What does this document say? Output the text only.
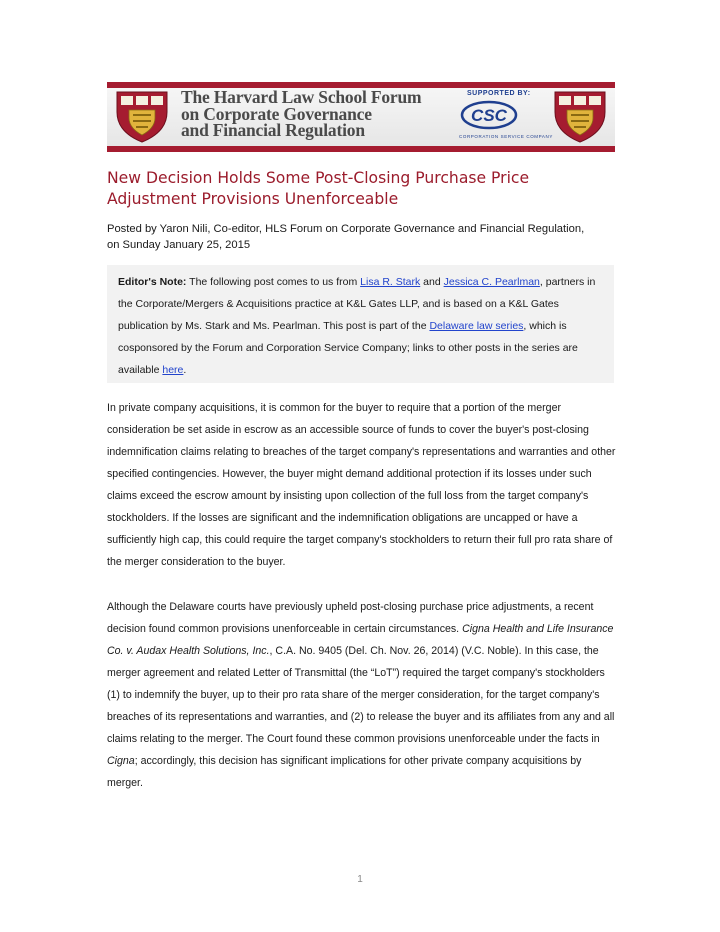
The Harvard Law School Forum
on Corporate Governance
and Financial Regulation
SUPPORTED BY:
CSC
CORPORATION SERVICE COMPANY
New Decision Holds Some Post-Closing Purchase Price Adjustment Provisions Unenforceable
Posted by Yaron Nili, Co-editor, HLS Forum on Corporate Governance and Financial Regulation,
on Sunday January 25, 2015
Editor's Note: The following post comes to us from Lisa R. Stark and Jessica C. Pearlman, partners in the Corporate/Mergers & Acquisitions practice at K&L Gates LLP, and is based on a K&L Gates publication by Ms. Stark and Ms. Pearlman. This post is part of the Delaware law series, which is cosponsored by the Forum and Corporation Service Company; links to other posts in the series are available here.
In private company acquisitions, it is common for the buyer to require that a portion of the merger consideration be set aside in escrow as an accessible source of funds to cover the buyer's post-closing indemnification claims relating to breaches of the target company's representations and warranties and other specified contingencies. However, the buyer might demand additional protection if its losses under such claims exceed the escrow amount by insisting upon collection of the full loss from the target company's stockholders. If the losses are significant and the indemnification obligations are uncapped or have a sufficiently high cap, this could require the target company's stockholders to return their full pro rata share of the merger consideration to the buyer.
Although the Delaware courts have previously upheld post-closing purchase price adjustments, a recent decision found common provisions unenforceable in certain circumstances. Cigna Health and Life Insurance Co. v. Audax Health Solutions, Inc., C.A. No. 9405 (Del. Ch. Nov. 26, 2014) (V.C. Noble). In this case, the merger agreement and related Letter of Transmittal (the “LoT”) required the target company's stockholders (1) to indemnify the buyer, up to their pro rata share of the merger consideration, for the target company's breaches of its representations and warranties, and (2) to release the buyer and its affiliates from any and all claims relating to the merger. The Court found these common provisions unenforceable under the facts in Cigna; accordingly, this decision has significant implications for other private company acquisitions by merger.
1
